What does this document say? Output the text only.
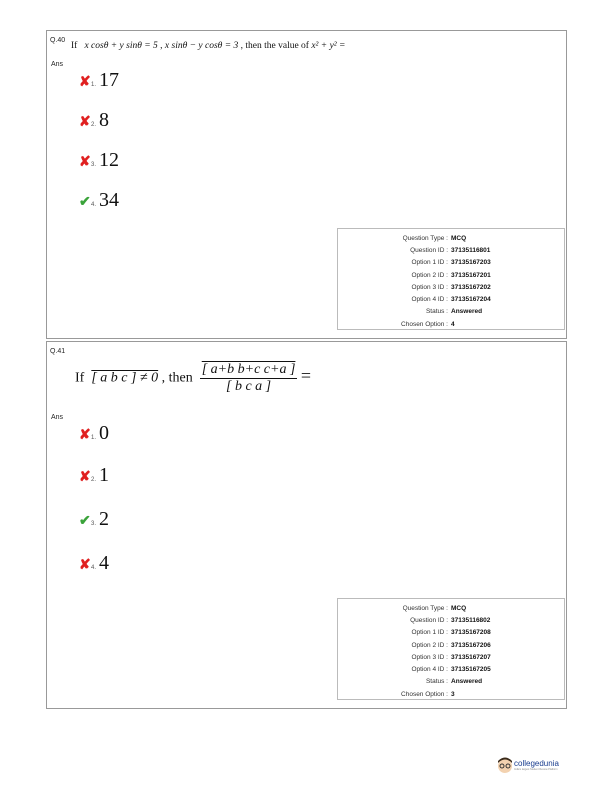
Q.40
If x cosθ + y sinθ = 5 , x sinθ − y cosθ = 3 , then the value of x² + y² =
Ans
✘ 1. 17
✘ 2. 8
✘ 3. 12
✔ 4. 34
Question Type : MCQ
Question ID : 37135116801
Option 1 ID : 37135167203
Option 2 ID : 37135167201
Option 3 ID : 37135167202
Option 4 ID : 37135167204
Status : Answered
Chosen Option : 4
Q.41
If [ a b c ] ≠ 0 , then $\frac{\text{[ a+b b+c c+a ]}}{\text{[ b c a ]}}$ =
Ans
✘ 1. 0
✘ 2. 1
✔ 3. 2
✘ 4. 4
Question Type : MCQ
Question ID : 37135116802
Option 1 ID : 37135167208
Option 2 ID : 37135167206
Option 3 ID : 37135167207
Option 4 ID : 37135167205
Status : Answered
Chosen Option : 3
collegedunia
India's largest Student Review Platform
